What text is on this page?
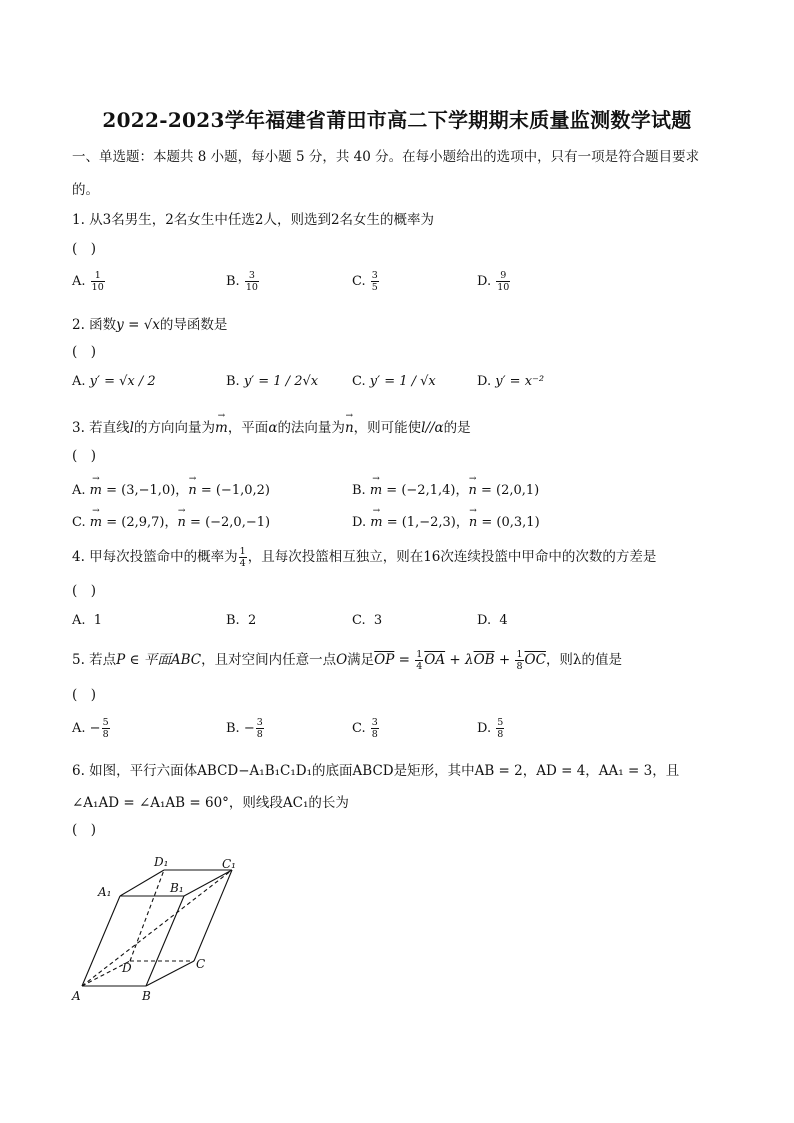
2022-2023学年福建省莆田市高二下学期期末质量监测数学试题
一、单选题：本题共 8 小题，每小题 5 分，共 40 分。在每小题给出的选项中，只有一项是符合题目要求
的。
1. 从3名男生，2名女生中任选2人，则选到2名女生的概率为
( )
A. $\frac{1}{10}$	B. $\frac{3}{10}$	C. $\frac{3}{5}$	D. $\frac{9}{10}$
2. 函数y = √x的导函数是
( )
A. y′ = √x / 2	B. y′ = 1 / 2√x	C. y′ = 1 / √x	D. y′ = x⁻²
3. 若直线l的方向向量为→ m，平面α的法向量为→ n，则可能使l//α的是
( )
A. → m = (3,−1,0)，→ n = (−1,0,2)	B. → m = (−2,1,4)，→ n = (2,0,1)
C. → m = (2,9,7)，→ n = (−2,0,−1)	D. → m = (1,−2,3)，→ n = (0,3,1)
4. 甲每次投篮命中的概率为 $\frac{1}{4}$ ，且每次投篮相互独立，则在16次连续投篮中甲命中的次数的方差是
( )
A. 1	B. 2	C. 3	D. 4
5. 若点P ∈ 平面ABC，且对空间内任意一点O满足$\overline{OP} = \frac{1}{4} \overline{OA} + \lambda\overline{OB} + \frac{1}{8} \overline{OC}$，则λ的值是
( )
A. − $\frac{5}{8}$	B. − $\frac{3}{8}$	C. $\frac{3}{8}$	D. $\frac{5}{8}$
6. 如图，平行六面体ABCD−A₁B₁C₁D₁的底面ABCD是矩形，其中AB = 2，AD = 4，AA₁ = 3，且
∠A₁AD = ∠A₁AB = 60°，则线段AC₁的长为
( )
A	B
C
D
A₁	B₁
C₁
D₁
